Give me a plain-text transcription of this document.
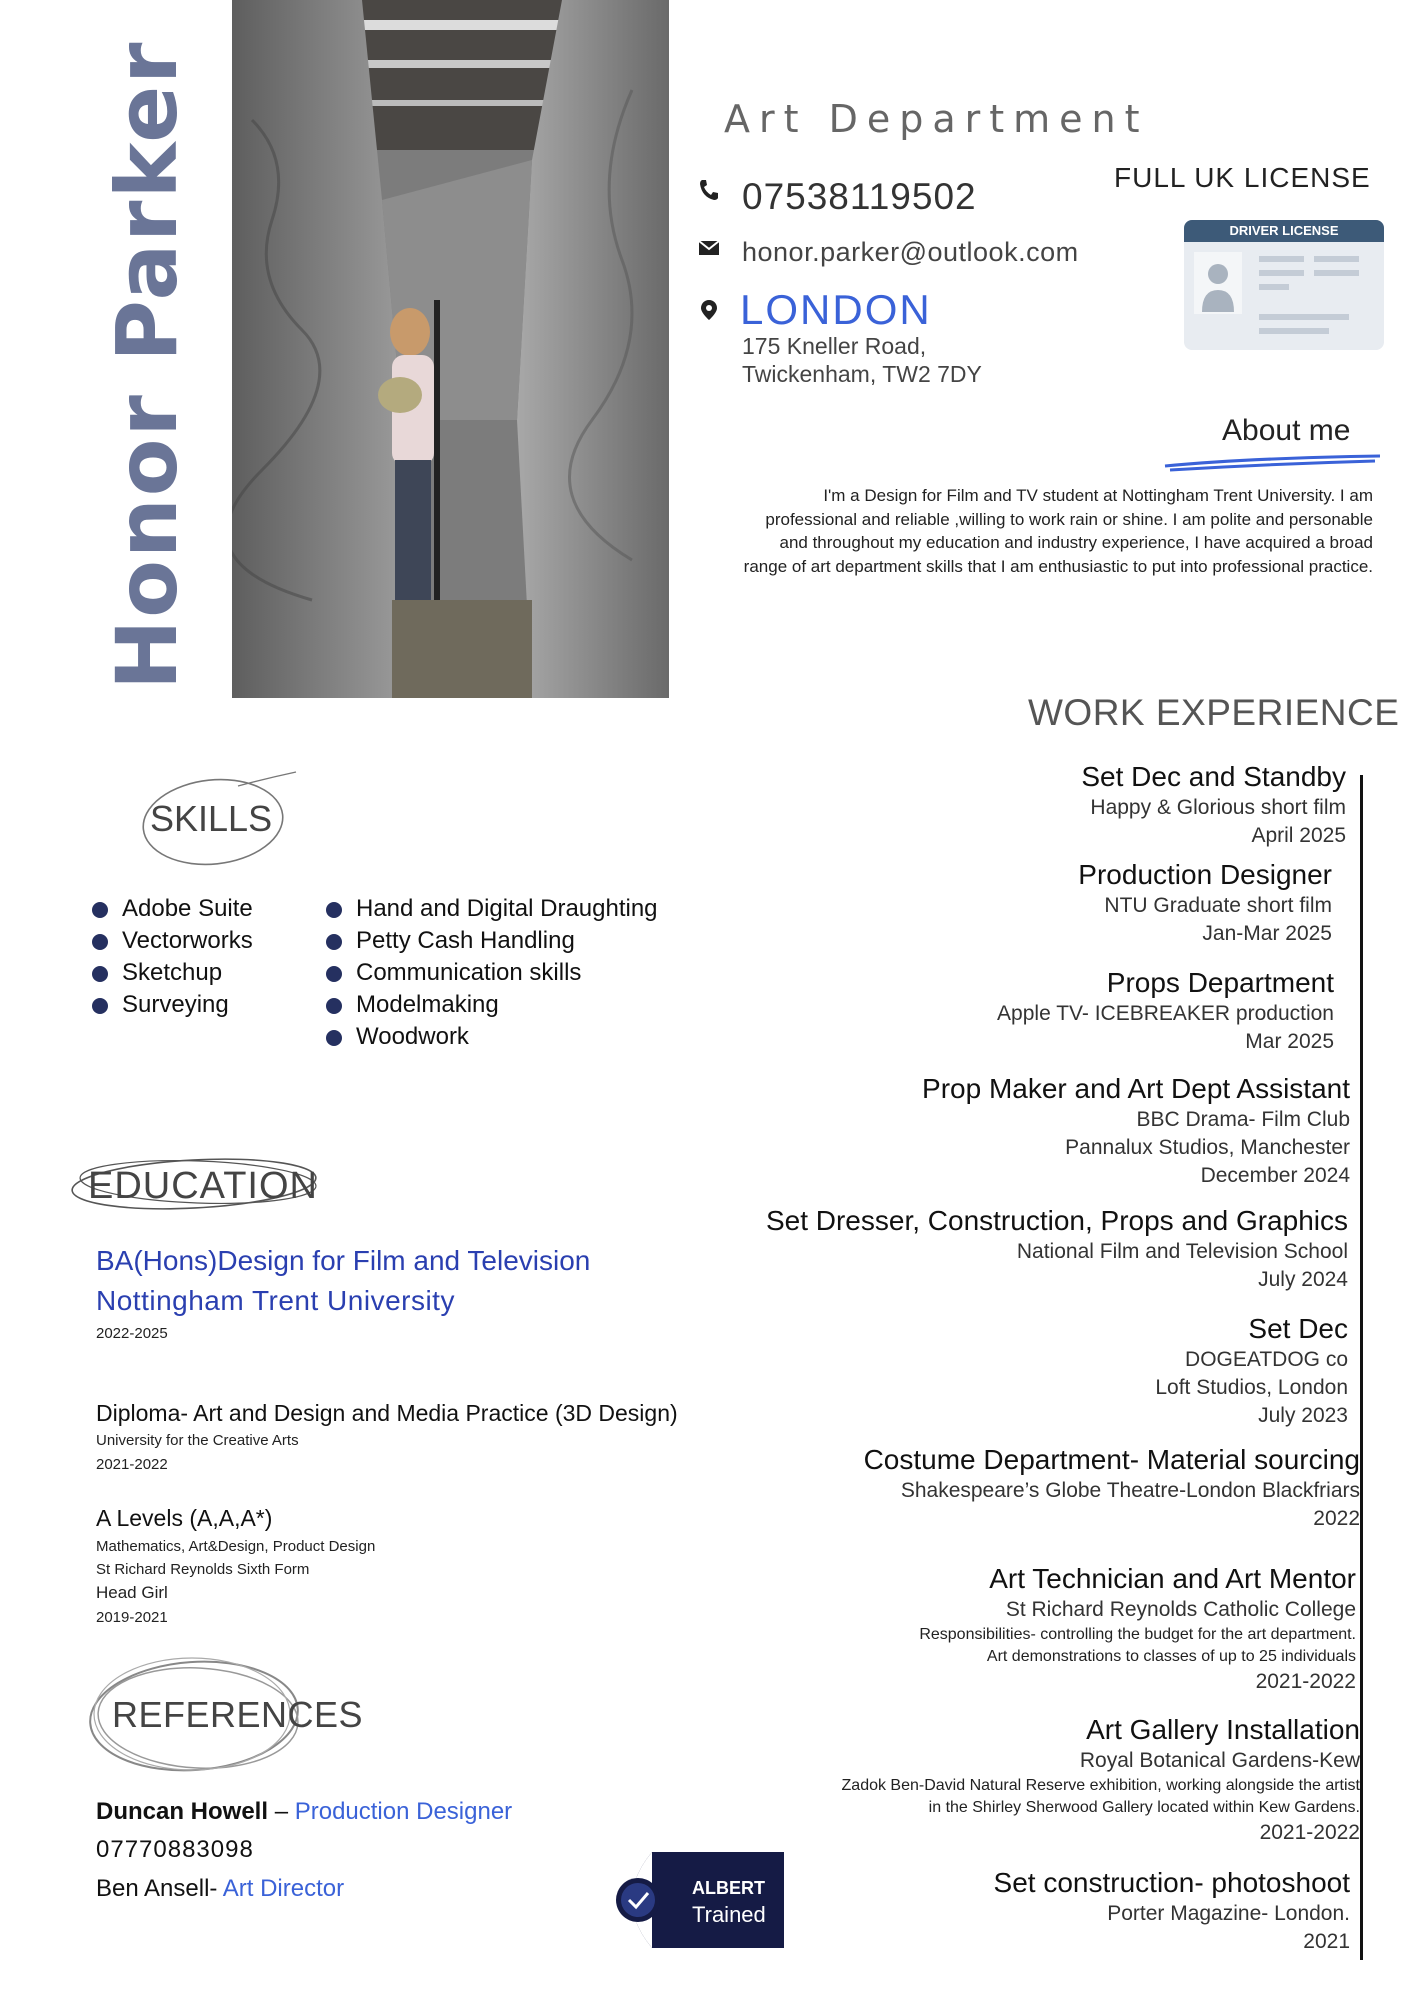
Honor Parker	Art Department
07538119502
honor.parker@outlook.com
LONDON
175 Kneller Road,
Twickenham, TW2 7DY
FULL UK LICENSE
DRIVER LICENSE
About me
I'm a Design for Film and TV student at Nottingham Trent University. I am professional and reliable ,willing to work rain or shine. I am polite and personable and throughout my education and industry experience, I have acquired a broad range of art department skills that I am enthusiastic to put into professional practice.
SKILLS
Adobe Suite
Vectorworks
Sketchup
Surveying
Hand and Digital Draughting
Petty Cash Handling
Communication skills
Modelmaking
Woodwork
EDUCATION
BA(Hons)Design for Film and Television
Nottingham Trent University
2022-2025
Diploma- Art and Design and Media Practice (3D Design)
University for the Creative Arts
2021-2022
A Levels (A,A,A*)
Mathematics, Art&Design, Product Design
St Richard Reynolds Sixth Form
Head Girl
2019-2021
REFERENCES
Duncan Howell – Production Designer
07770883098
Ben Ansell- Art Director	ALBERT
Trained
WORK EXPERIENCE
Set Dec and Standby
Happy & Glorious short film
April 2025
Production Designer
NTU Graduate short film
Jan-Mar 2025
Props Department
Apple TV- ICEBREAKER production
Mar 2025
Prop Maker and Art Dept Assistant
BBC Drama- Film Club
Pannalux Studios, Manchester
December 2024
Set Dresser, Construction, Props and Graphics
National Film and Television School
July 2024
Set Dec
DOGEATDOG co
Loft Studios, London
July 2023
Costume Department- Material sourcing
Shakespeare’s Globe Theatre-London Blackfriars
2022
Art Technician and Art Mentor
St Richard Reynolds Catholic College
Responsibilities- controlling the budget for the art department.
Art demonstrations to classes of up to 25 individuals
2021-2022
Art Gallery Installation
Royal Botanical Gardens-Kew
Zadok Ben-David Natural Reserve exhibition, working alongside the artist
in the Shirley Sherwood Gallery located within Kew Gardens.
2021-2022
Set construction- photoshoot
Porter Magazine- London.
2021
